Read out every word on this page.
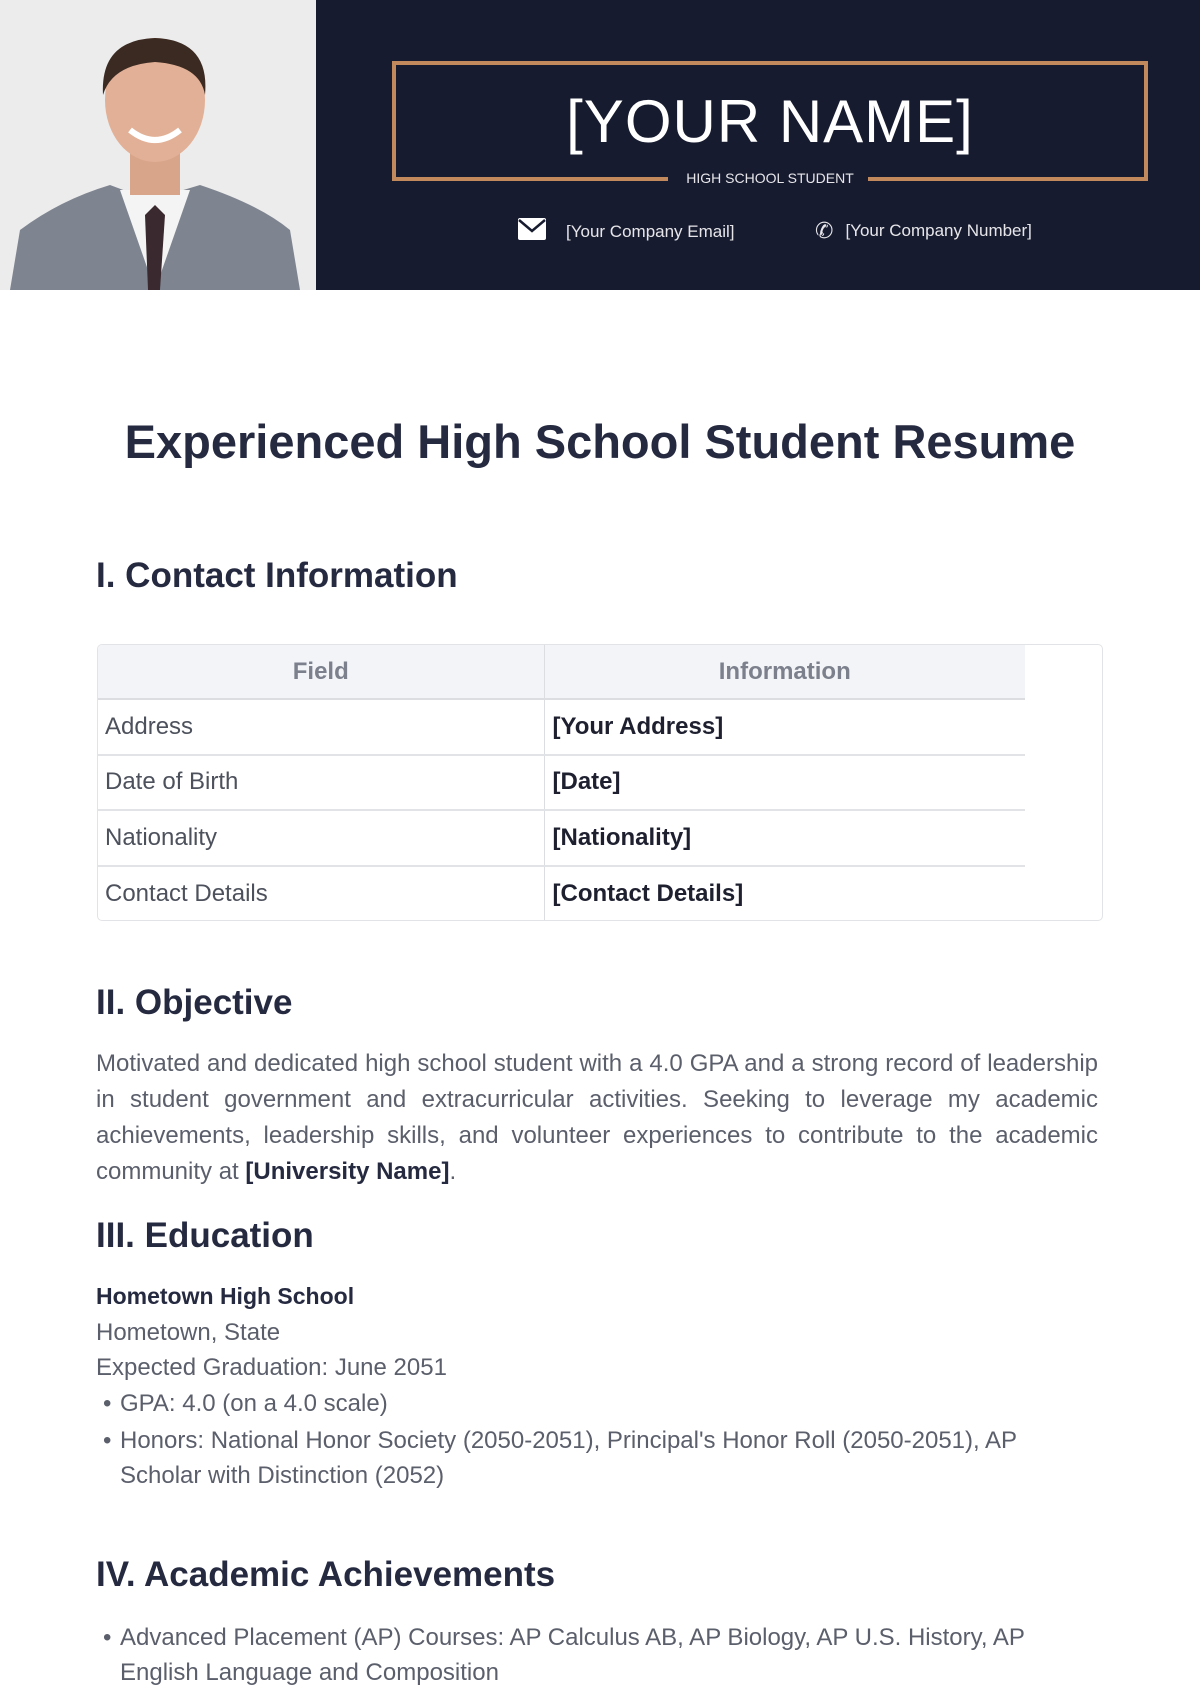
[YOUR NAME]
HIGH SCHOOL STUDENT
[Your Company Email]	✆ [Your Company Number]
Experienced High School Student Resume
I. Contact Information
Field	Information
Address	[Your Address]
Date of Birth	[Date]
Nationality	[Nationality]
Contact Details	[Contact Details]
II. Objective
Motivated and dedicated high school student with a 4.0 GPA and a strong record of leadership in student government and extracurricular activities. Seeking to leverage my academic achievements, leadership skills, and volunteer experiences to contribute to the academic community at [University Name].
III. Education
Hometown High School
Hometown, State
Expected Graduation: June 2051
• GPA: 4.0 (on a 4.0 scale)
• Honors: National Honor Society (2050-2051), Principal's Honor Roll (2050-2051), AP Scholar with Distinction (2052)
IV. Academic Achievements
• Advanced Placement (AP) Courses: AP Calculus AB, AP Biology, AP U.S. History, AP English Language and Composition
